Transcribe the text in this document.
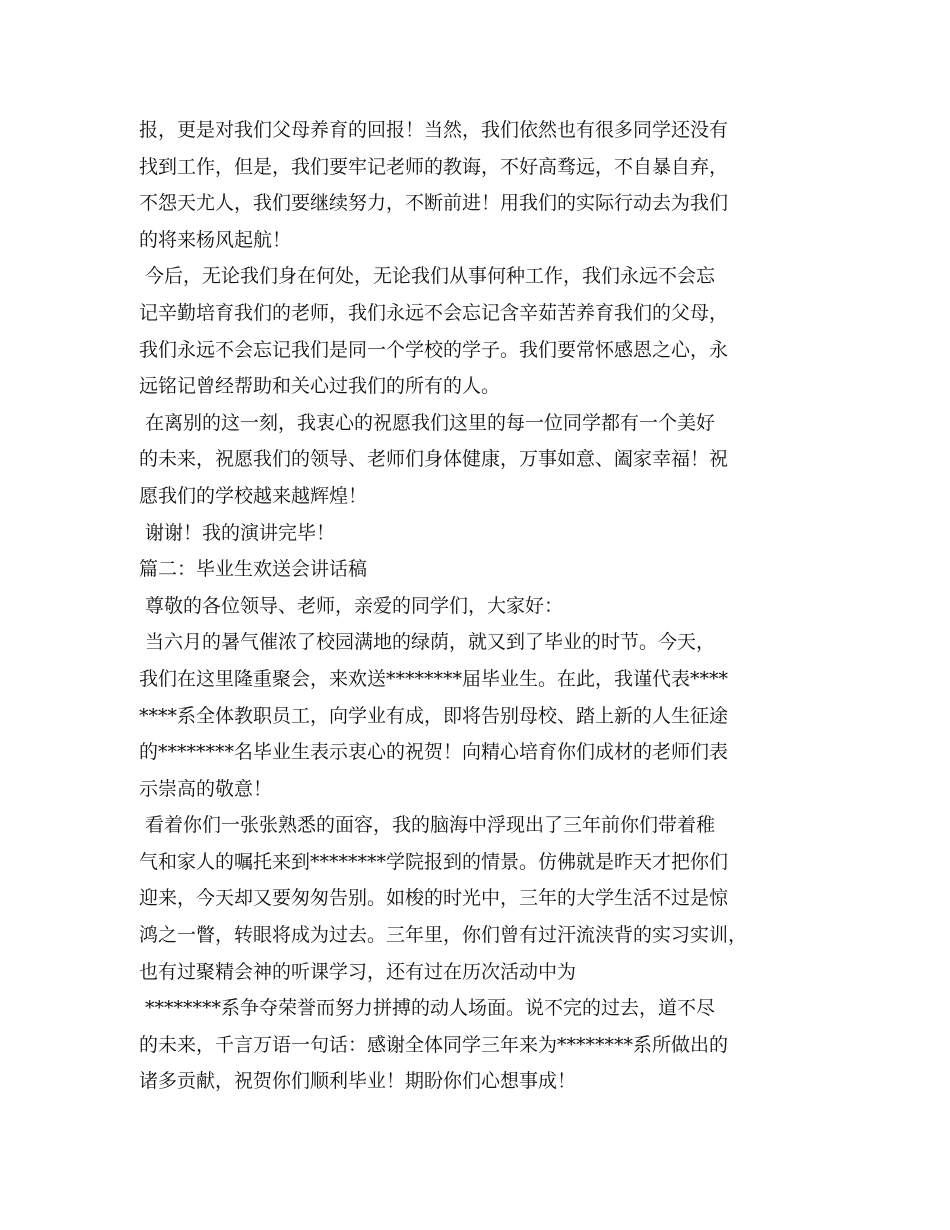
报，更是对我们父母养育的回报！当然，我们依然也有很多同学还没有
找到工作，但是，我们要牢记老师的教诲，不好高骛远，不自暴自弃，
不怨天尤人，我们要继续努力，不断前进！用我们的实际行动去为我们
的将来杨风起航！
今后，无论我们身在何处，无论我们从事何种工作，我们永远不会忘
记辛勤培育我们的老师，我们永远不会忘记含辛茹苦养育我们的父母，
我们永远不会忘记我们是同一个学校的学子。我们要常怀感恩之心，永
远铭记曾经帮助和关心过我们的所有的人。
在离别的这一刻，我衷心的祝愿我们这里的每一位同学都有一个美好
的未来，祝愿我们的领导、老师们身体健康，万事如意、阖家幸福！祝
愿我们的学校越来越辉煌！
谢谢！我的演讲完毕！
篇二：毕业生欢送会讲话稿
尊敬的各位领导、老师，亲爱的同学们，大家好：
当六月的暑气催浓了校园满地的绿荫，就又到了毕业的时节。今天，
我们在这里隆重聚会，来欢送********届毕业生。在此，我谨代表****
****系全体教职员工，向学业有成，即将告别母校、踏上新的人生征途
的********名毕业生表示衷心的祝贺！向精心培育你们成材的老师们表
示崇高的敬意！
看着你们一张张熟悉的面容，我的脑海中浮现出了三年前你们带着稚
气和家人的嘱托来到********学院报到的情景。仿佛就是昨天才把你们
迎来，今天却又要匆匆告别。如梭的时光中，三年的大学生活不过是惊
鸿之一瞥，转眼将成为过去。三年里，你们曾有过汗流浃背的实习实训，
也有过聚精会神的听课学习，还有过在历次活动中为
********系争夺荣誉而努力拼搏的动人场面。说不完的过去，道不尽
的未来，千言万语一句话：感谢全体同学三年来为********系所做出的
诸多贡献，祝贺你们顺利毕业！期盼你们心想事成！
